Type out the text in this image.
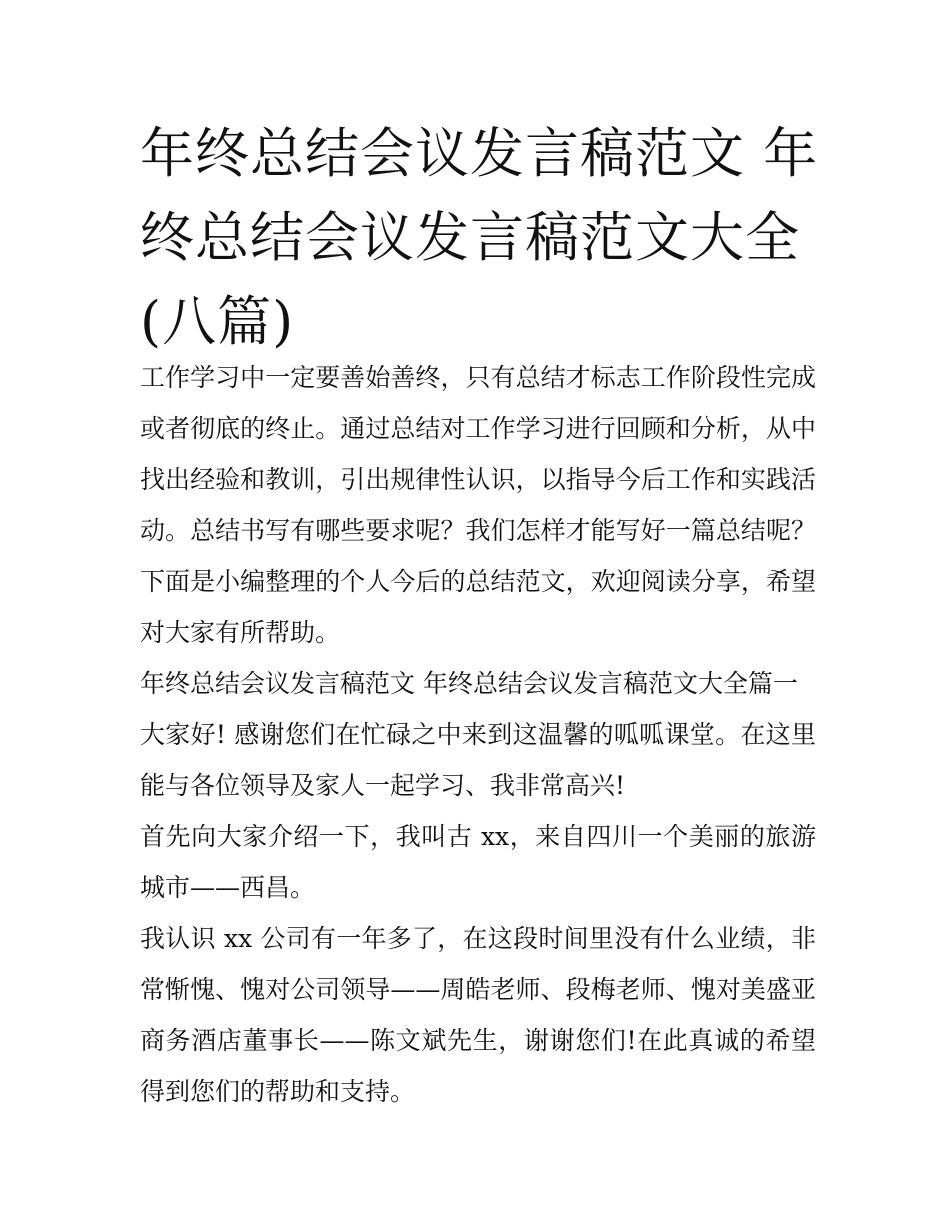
年终总结会议发言稿范文 年终总结会议发言稿范文大全(八篇)

工作学习中一定要善始善终，只有总结才标志工作阶段性完成或者彻底的终止。通过总结对工作学习进行回顾和分析，从中找出经验和教训，引出规律性认识，以指导今后工作和实践活动。总结书写有哪些要求呢？我们怎样才能写好一篇总结呢？下面是小编整理的个人今后的总结范文，欢迎阅读分享，希望对大家有所帮助。

年终总结会议发言稿范文 年终总结会议发言稿范文大全篇一

大家好! 感谢您们在忙碌之中来到这温馨的呱呱课堂。在这里能与各位领导及家人一起学习、我非常高兴!

首先向大家介绍一下，我叫古 xx，来自四川一个美丽的旅游城市——西昌。

我认识 xx 公司有一年多了，在这段时间里没有什么业绩，非常惭愧、愧对公司领导——周皓老师、段梅老师、愧对美盛亚商务酒店董事长——陈文斌先生，谢谢您们!在此真诚的希望得到您们的帮助和支持。
